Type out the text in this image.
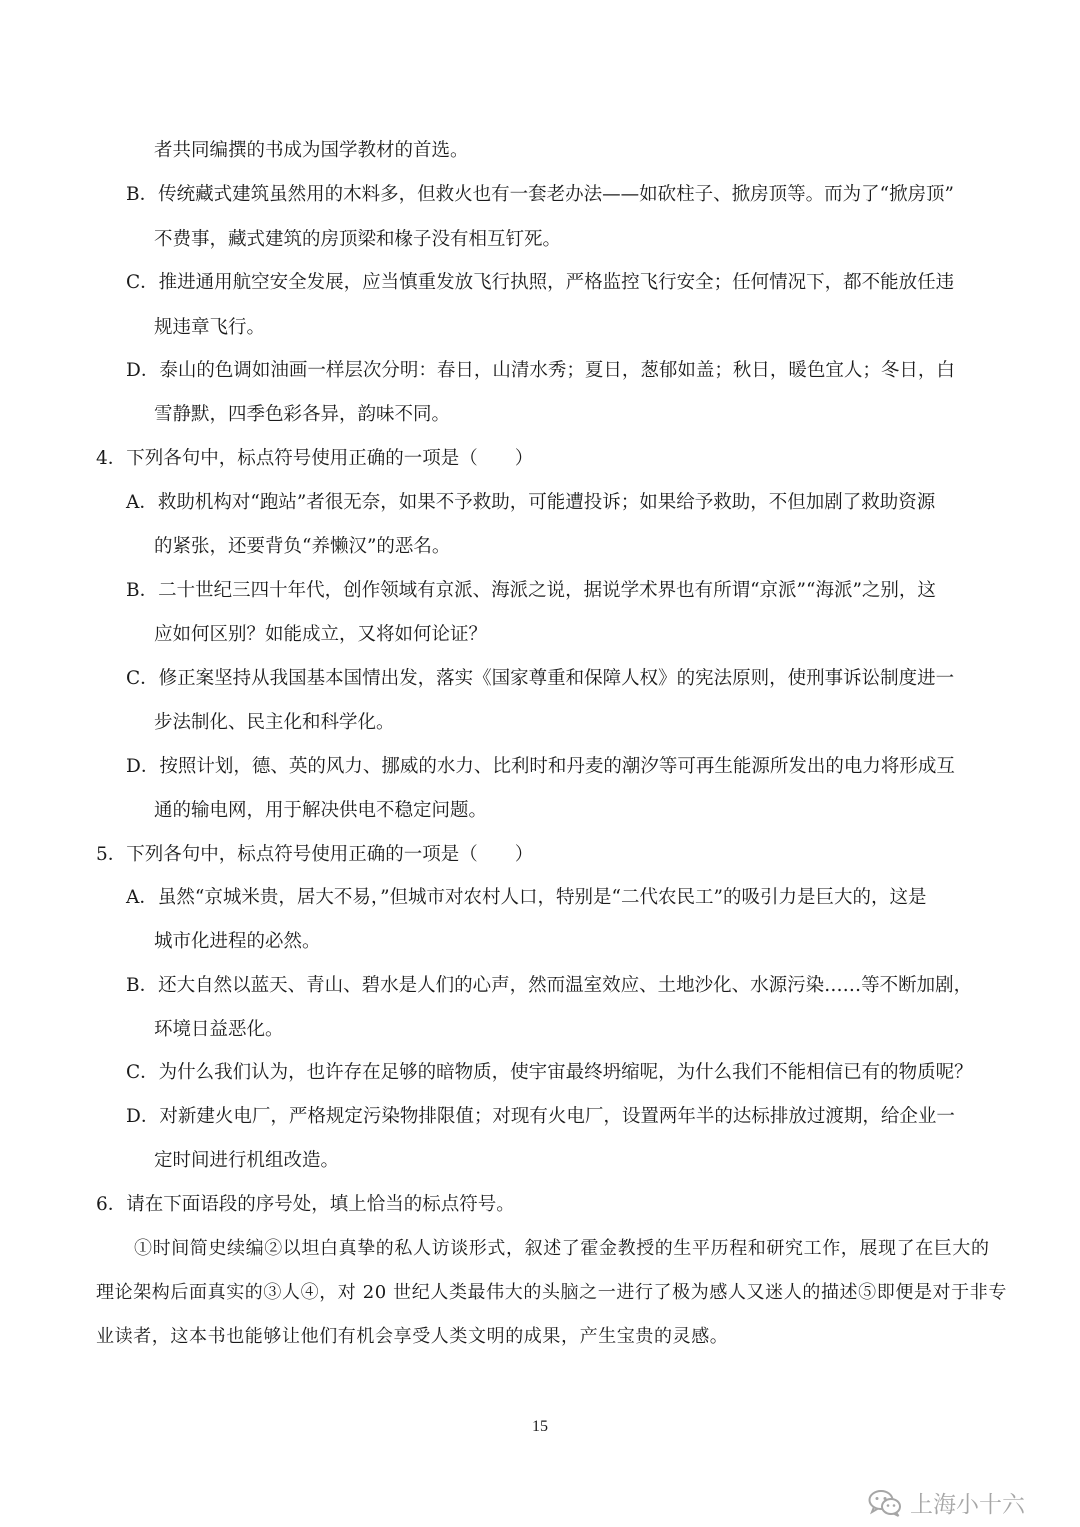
者共同编撰的书成为国学教材的首选。

B．传统藏式建筑虽然用的木料多，但救火也有一套老办法——如砍柱子、掀房顶等。而为了“掀房顶”

不费事，藏式建筑的房顶梁和椽子没有相互钉死。

C．推进通用航空安全发展，应当慎重发放飞行执照，严格监控飞行安全；任何情况下，都不能放任违

规违章飞行。

D．泰山的色调如油画一样层次分明：春日，山清水秀；夏日，葱郁如盖；秋日，暖色宜人；冬日，白

雪静默，四季色彩各异，韵味不同。

4．下列各句中，标点符号使用正确的一项是（　　）

A．救助机构对“跑站”者很无奈，如果不予救助，可能遭投诉；如果给予救助，不但加剧了救助资源

的紧张，还要背负“养懒汉”的恶名。

B．二十世纪三四十年代，创作领域有京派、海派之说，据说学术界也有所谓“京派”“海派”之别，这

应如何区别？如能成立，又将如何论证？

C．修正案坚持从我国基本国情出发，落实《国家尊重和保障人权》的宪法原则，使刑事诉讼制度进一

步法制化、民主化和科学化。

D．按照计划，德、英的风力、挪威的水力、比利时和丹麦的潮汐等可再生能源所发出的电力将形成互

通的输电网，用于解决供电不稳定问题。

5．下列各句中，标点符号使用正确的一项是（　　）

A．虽然“京城米贵，居大不易，”但城市对农村人口，特别是“二代农民工”的吸引力是巨大的，这是

城市化进程的必然。

B．还大自然以蓝天、青山、碧水是人们的心声，然而温室效应、土地沙化、水源污染……等不断加剧，

环境日益恶化。

C．为什么我们认为，也许存在足够的暗物质，使宇宙最终坍缩呢，为什么我们不能相信已有的物质呢？

D．对新建火电厂，严格规定污染物排限值；对现有火电厂，设置两年半的达标排放过渡期，给企业一

定时间进行机组改造。

6．请在下面语段的序号处，填上恰当的标点符号。

①时间简史续编②以坦白真挚的私人访谈形式，叙述了霍金教授的生平历程和研究工作，展现了在巨大的

理论架构后面真实的③人④，对 20 世纪人类最伟大的头脑之一进行了极为感人又迷人的描述⑤即便是对于非专

业读者，这本书也能够让他们有机会享受人类文明的成果，产生宝贵的灵感。

15
上海小十六
